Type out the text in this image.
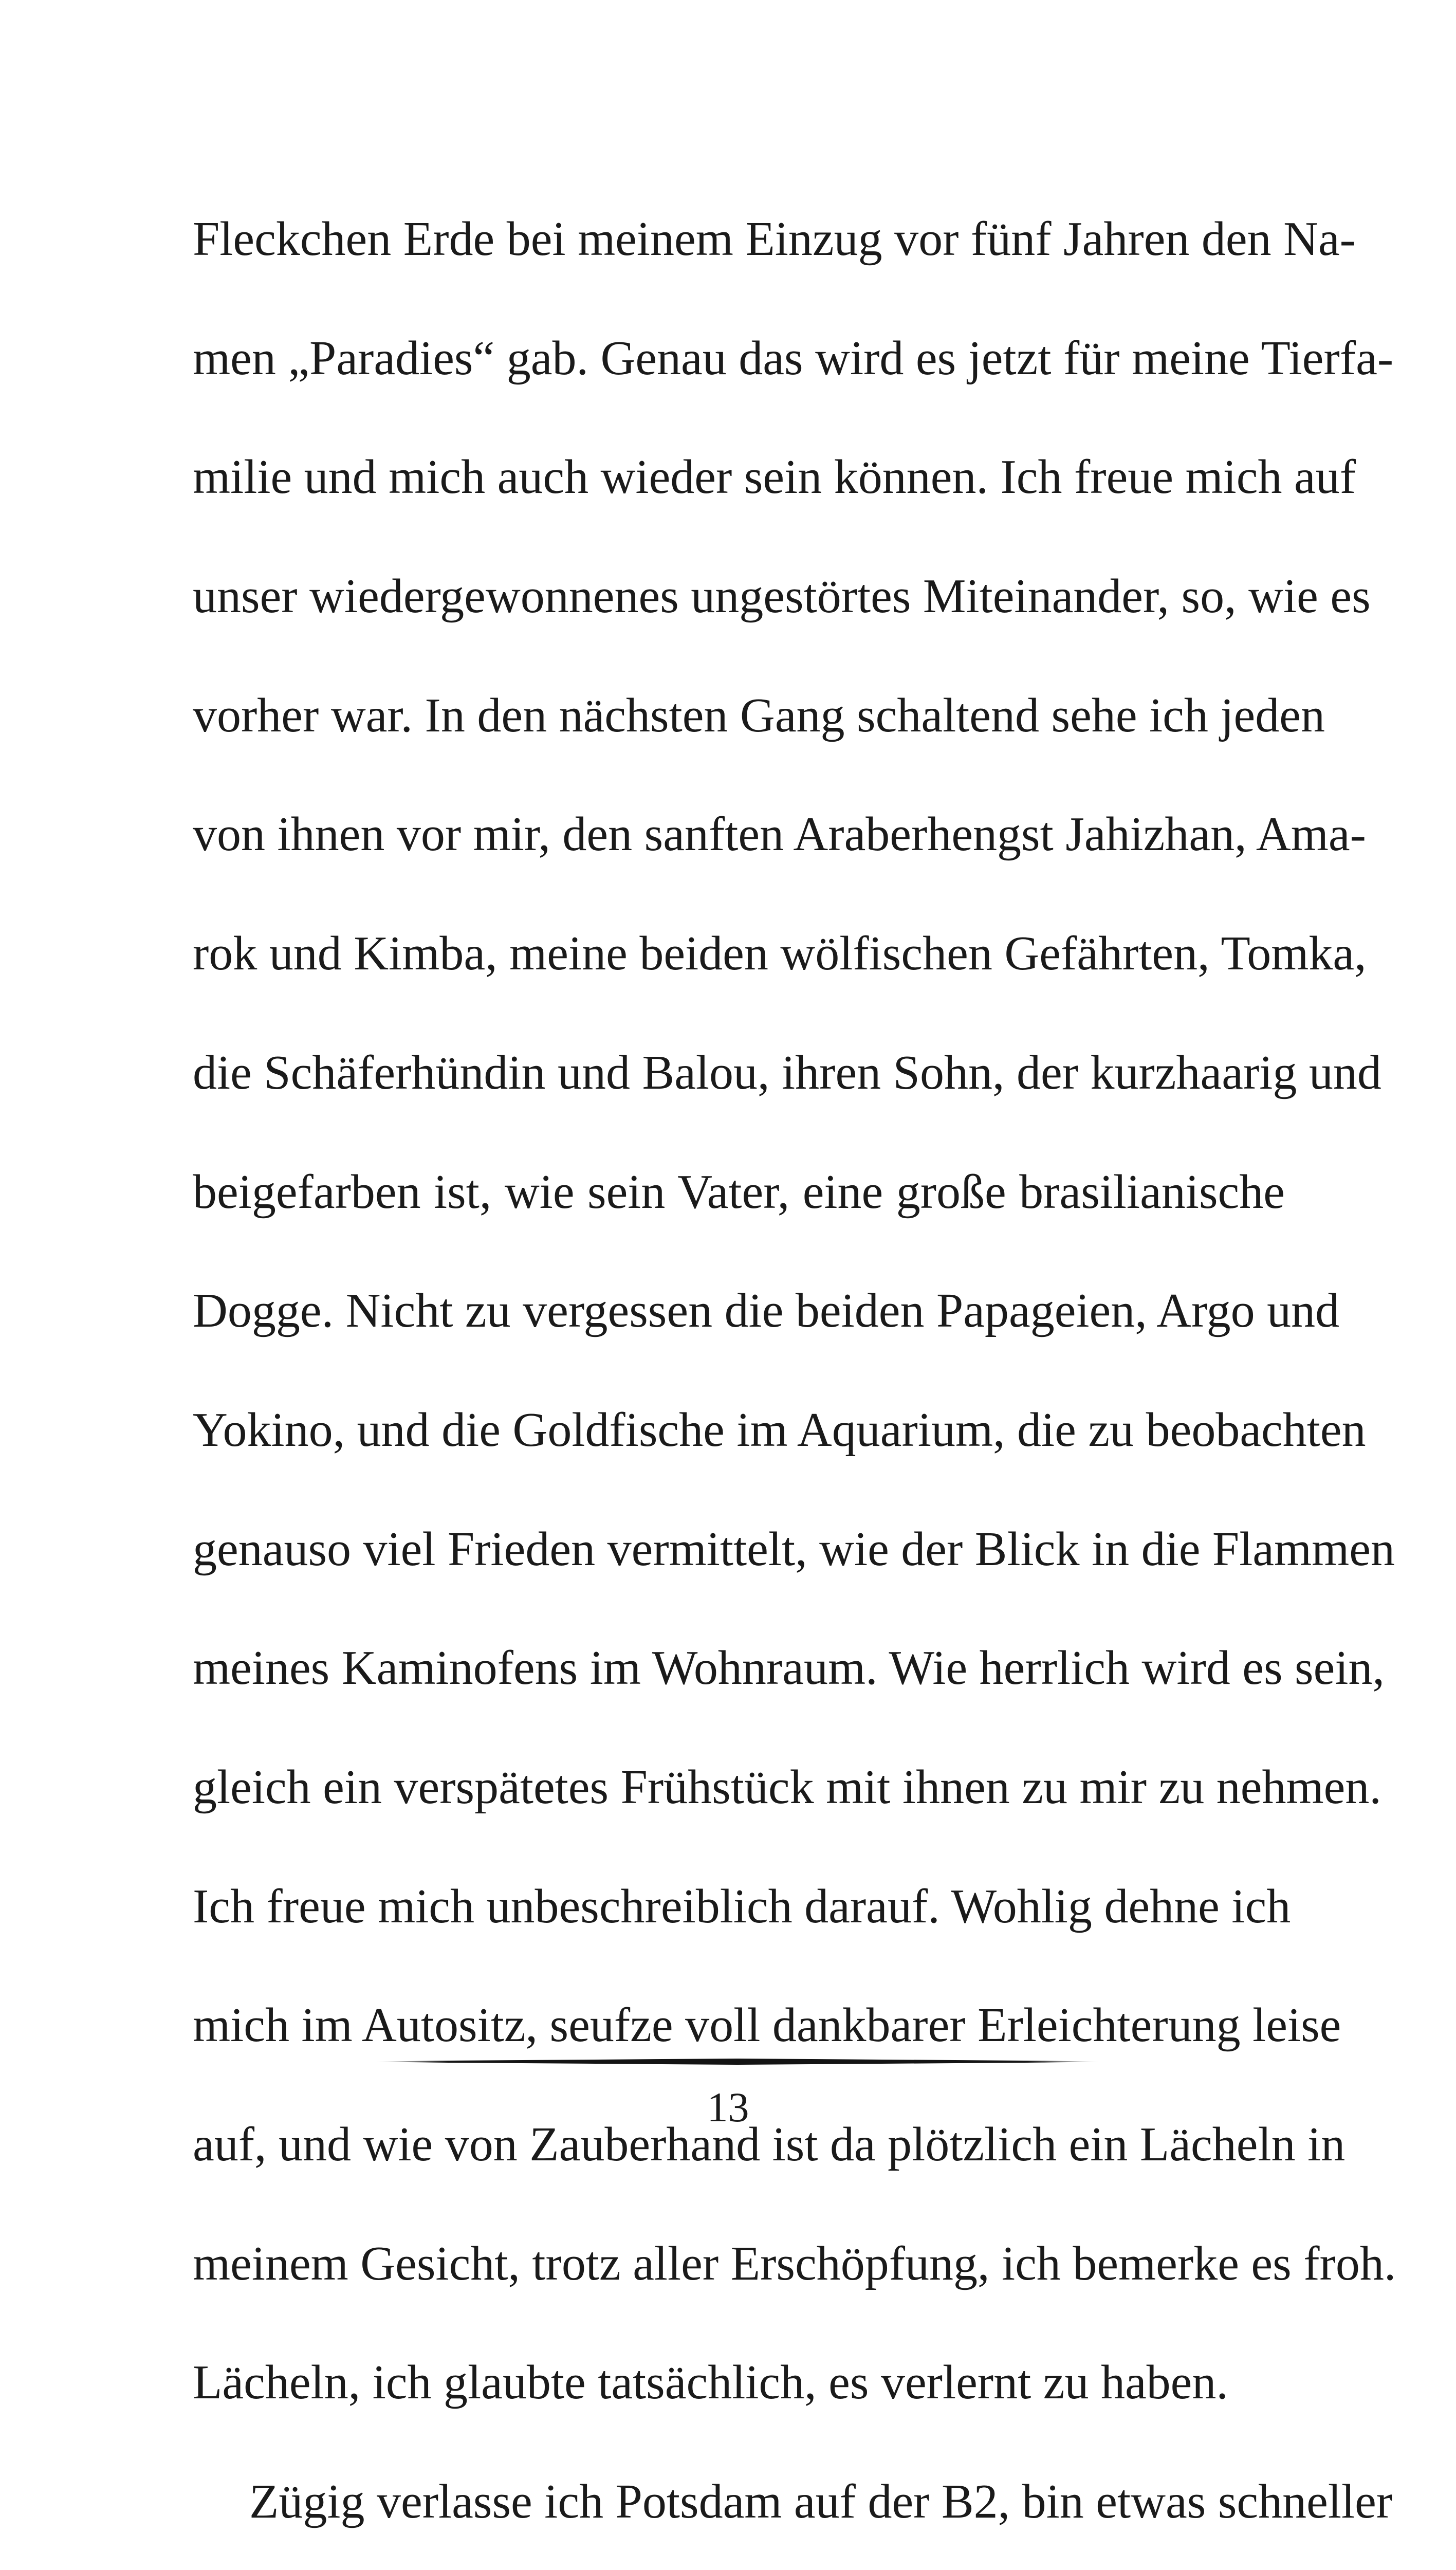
Fleckchen Erde bei meinem Einzug vor fünf Jahren den Na-
men „Paradies“ gab. Genau das wird es jetzt für meine Tierfa-
milie und mich auch wieder sein können. Ich freue mich auf
unser wiedergewonnenes ungestörtes Miteinander, so, wie es
vorher war. In den nächsten Gang schaltend sehe ich jeden
von ihnen vor mir, den sanften Araberhengst Jahizhan, Ama-
rok und Kimba, meine beiden wölfischen Gefährten, Tomka,
die Schäferhündin und Balou, ihren Sohn, der kurzhaarig und
beigefarben ist, wie sein Vater, eine große brasilianische
Dogge. Nicht zu vergessen die beiden Papageien, Argo und
Yokino, und die Goldfische im Aquarium, die zu beobachten
genauso viel Frieden vermittelt, wie der Blick in die Flammen
meines Kaminofens im Wohnraum. Wie herrlich wird es sein,
gleich ein verspätetes Frühstück mit ihnen zu mir zu nehmen.
Ich freue mich unbeschreiblich darauf. Wohlig dehne ich
mich im Autositz, seufze voll dankbarer Erleichterung leise
auf, und wie von Zauberhand ist da plötzlich ein Lächeln in
meinem Gesicht, trotz aller Erschöpfung, ich bemerke es froh.
Lächeln, ich glaubte tatsächlich, es verlernt zu haben.
Zügig verlasse ich Potsdam auf der B2, bin etwas schneller
13
